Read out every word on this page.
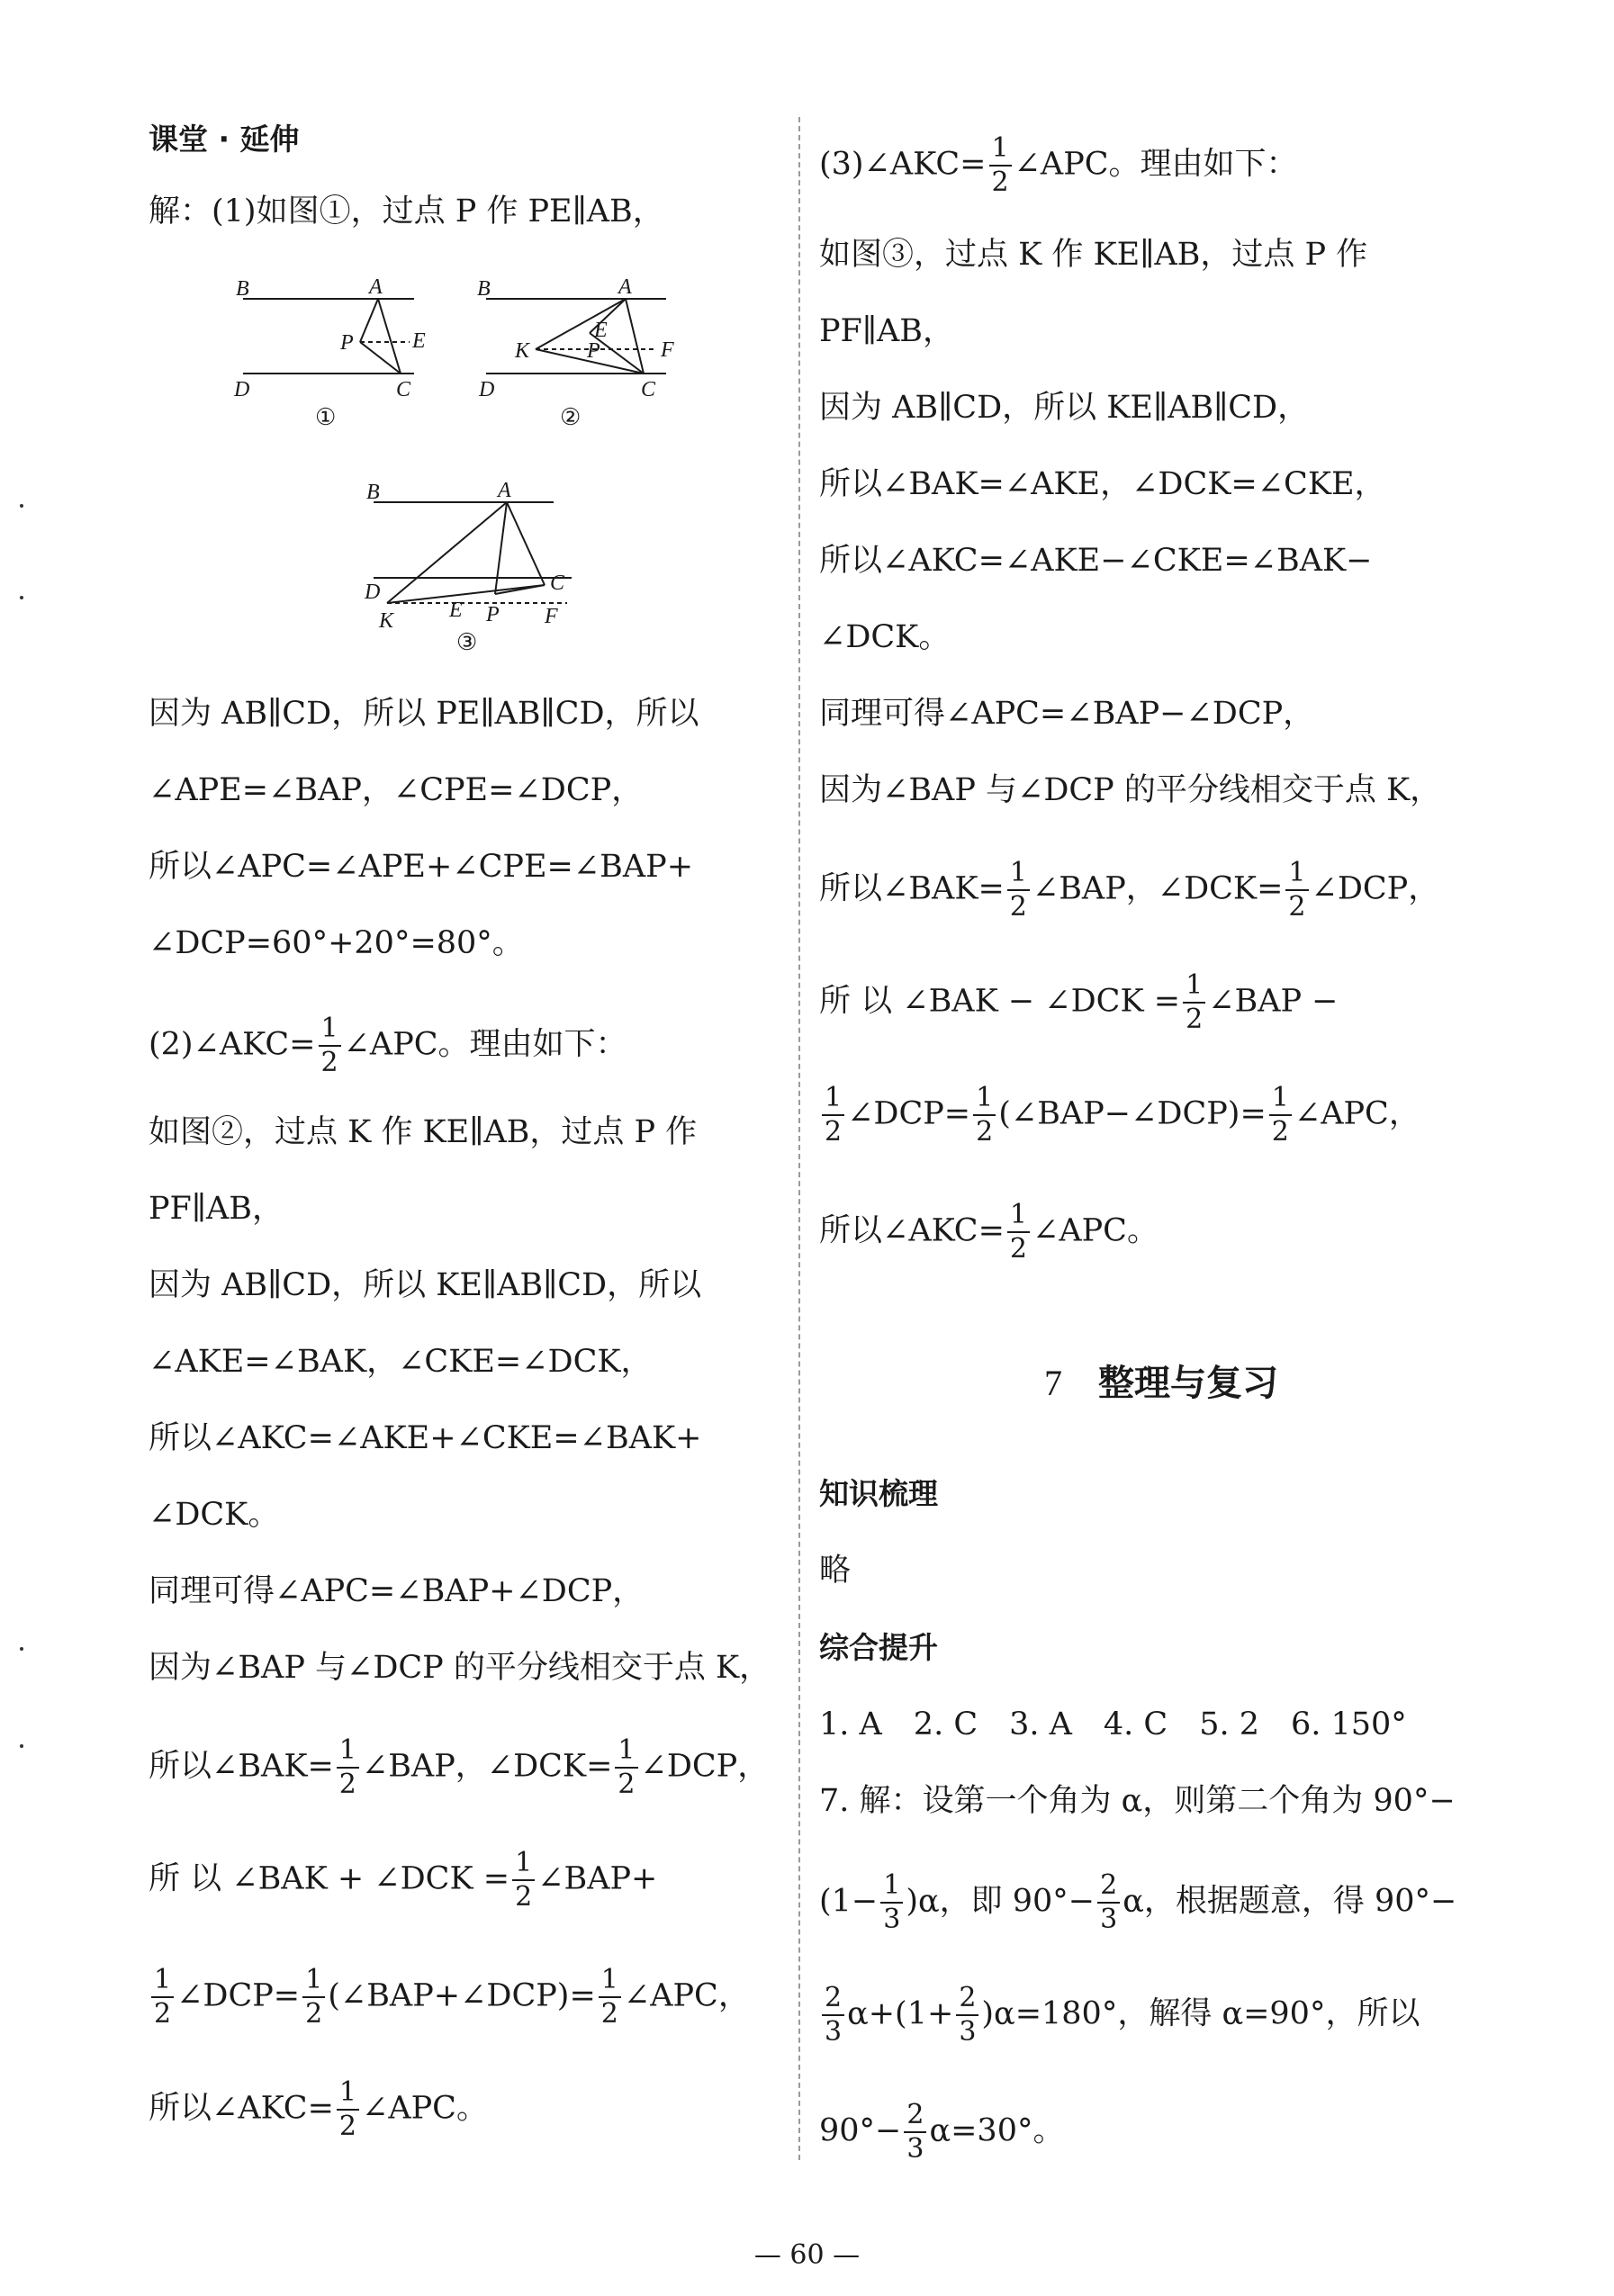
课堂 · 延伸
解：(1)如图①，过点 P 作 PE∥AB，
B	A
P	E
D	C
①
B	A
K
E
P	F
D	C
②
B	A
D	C
K	E P F
③
因为 AB∥CD，所以 PE∥AB∥CD，所以
∠APE=∠BAP，∠CPE=∠DCP，
所以∠APC=∠APE+∠CPE=∠BAP+
∠DCP=60°+20°=80°。
(2)∠AKC= $\frac{1}{2}$ ∠APC。理由如下：
如图②，过点 K 作 KE∥AB，过点 P 作
PF∥AB，
因为 AB∥CD，所以 KE∥AB∥CD，所以
∠AKE=∠BAK，∠CKE=∠DCK，
所以∠AKC=∠AKE+∠CKE=∠BAK+
∠DCK。
同理可得∠APC=∠BAP+∠DCP，
因为∠BAP 与∠DCP 的平分线相交于点 K，
所以∠BAK= $\frac{1}{2}$ ∠BAP，∠DCK= $\frac{1}{2}$ ∠DCP，
所 以 ∠BAK + ∠DCK = $\frac{1}{2}$ ∠BAP+
$\frac{1}{2}$ ∠DCP= $\frac{1}{2}$ (∠BAP+∠DCP)= $\frac{1}{2}$ ∠APC，
所以∠AKC= $\frac{1}{2}$ ∠APC。
(3)∠AKC= $\frac{1}{2}$ ∠APC。理由如下：
如图③，过点 K 作 KE∥AB，过点 P 作
PF∥AB，
因为 AB∥CD，所以 KE∥AB∥CD，
所以∠BAK=∠AKE，∠DCK=∠CKE，
所以∠AKC=∠AKE−∠CKE=∠BAK−
∠DCK。
同理可得∠APC=∠BAP−∠DCP，
因为∠BAP 与∠DCP 的平分线相交于点 K，
所以∠BAK= $\frac{1}{2}$ ∠BAP，∠DCK= $\frac{1}{2}$ ∠DCP，
所 以 ∠BAK − ∠DCK = $\frac{1}{2}$ ∠BAP −
$\frac{1}{2}$ ∠DCP= $\frac{1}{2}$ (∠BAP−∠DCP)= $\frac{1}{2}$ ∠APC，
所以∠AKC= $\frac{1}{2}$ ∠APC。
7 整理与复习
知识梳理
略
综合提升
1. A　2. C　3. A　4. C　5. 2　6. 150°
7. 解：设第一个角为 α，则第二个角为 90°−
$(1- \frac{1}{3} )\alpha$，即 $90^\circ- \frac{2}{3}$ α，根据题意，得 90°−
$\frac{2}{3} \alpha+(1+ \frac{2}{3} )\alpha=180^\circ$，解得 α=90°，所以
$90^\circ- \frac{2}{3} \alpha=30^\circ$。
— 60 —
